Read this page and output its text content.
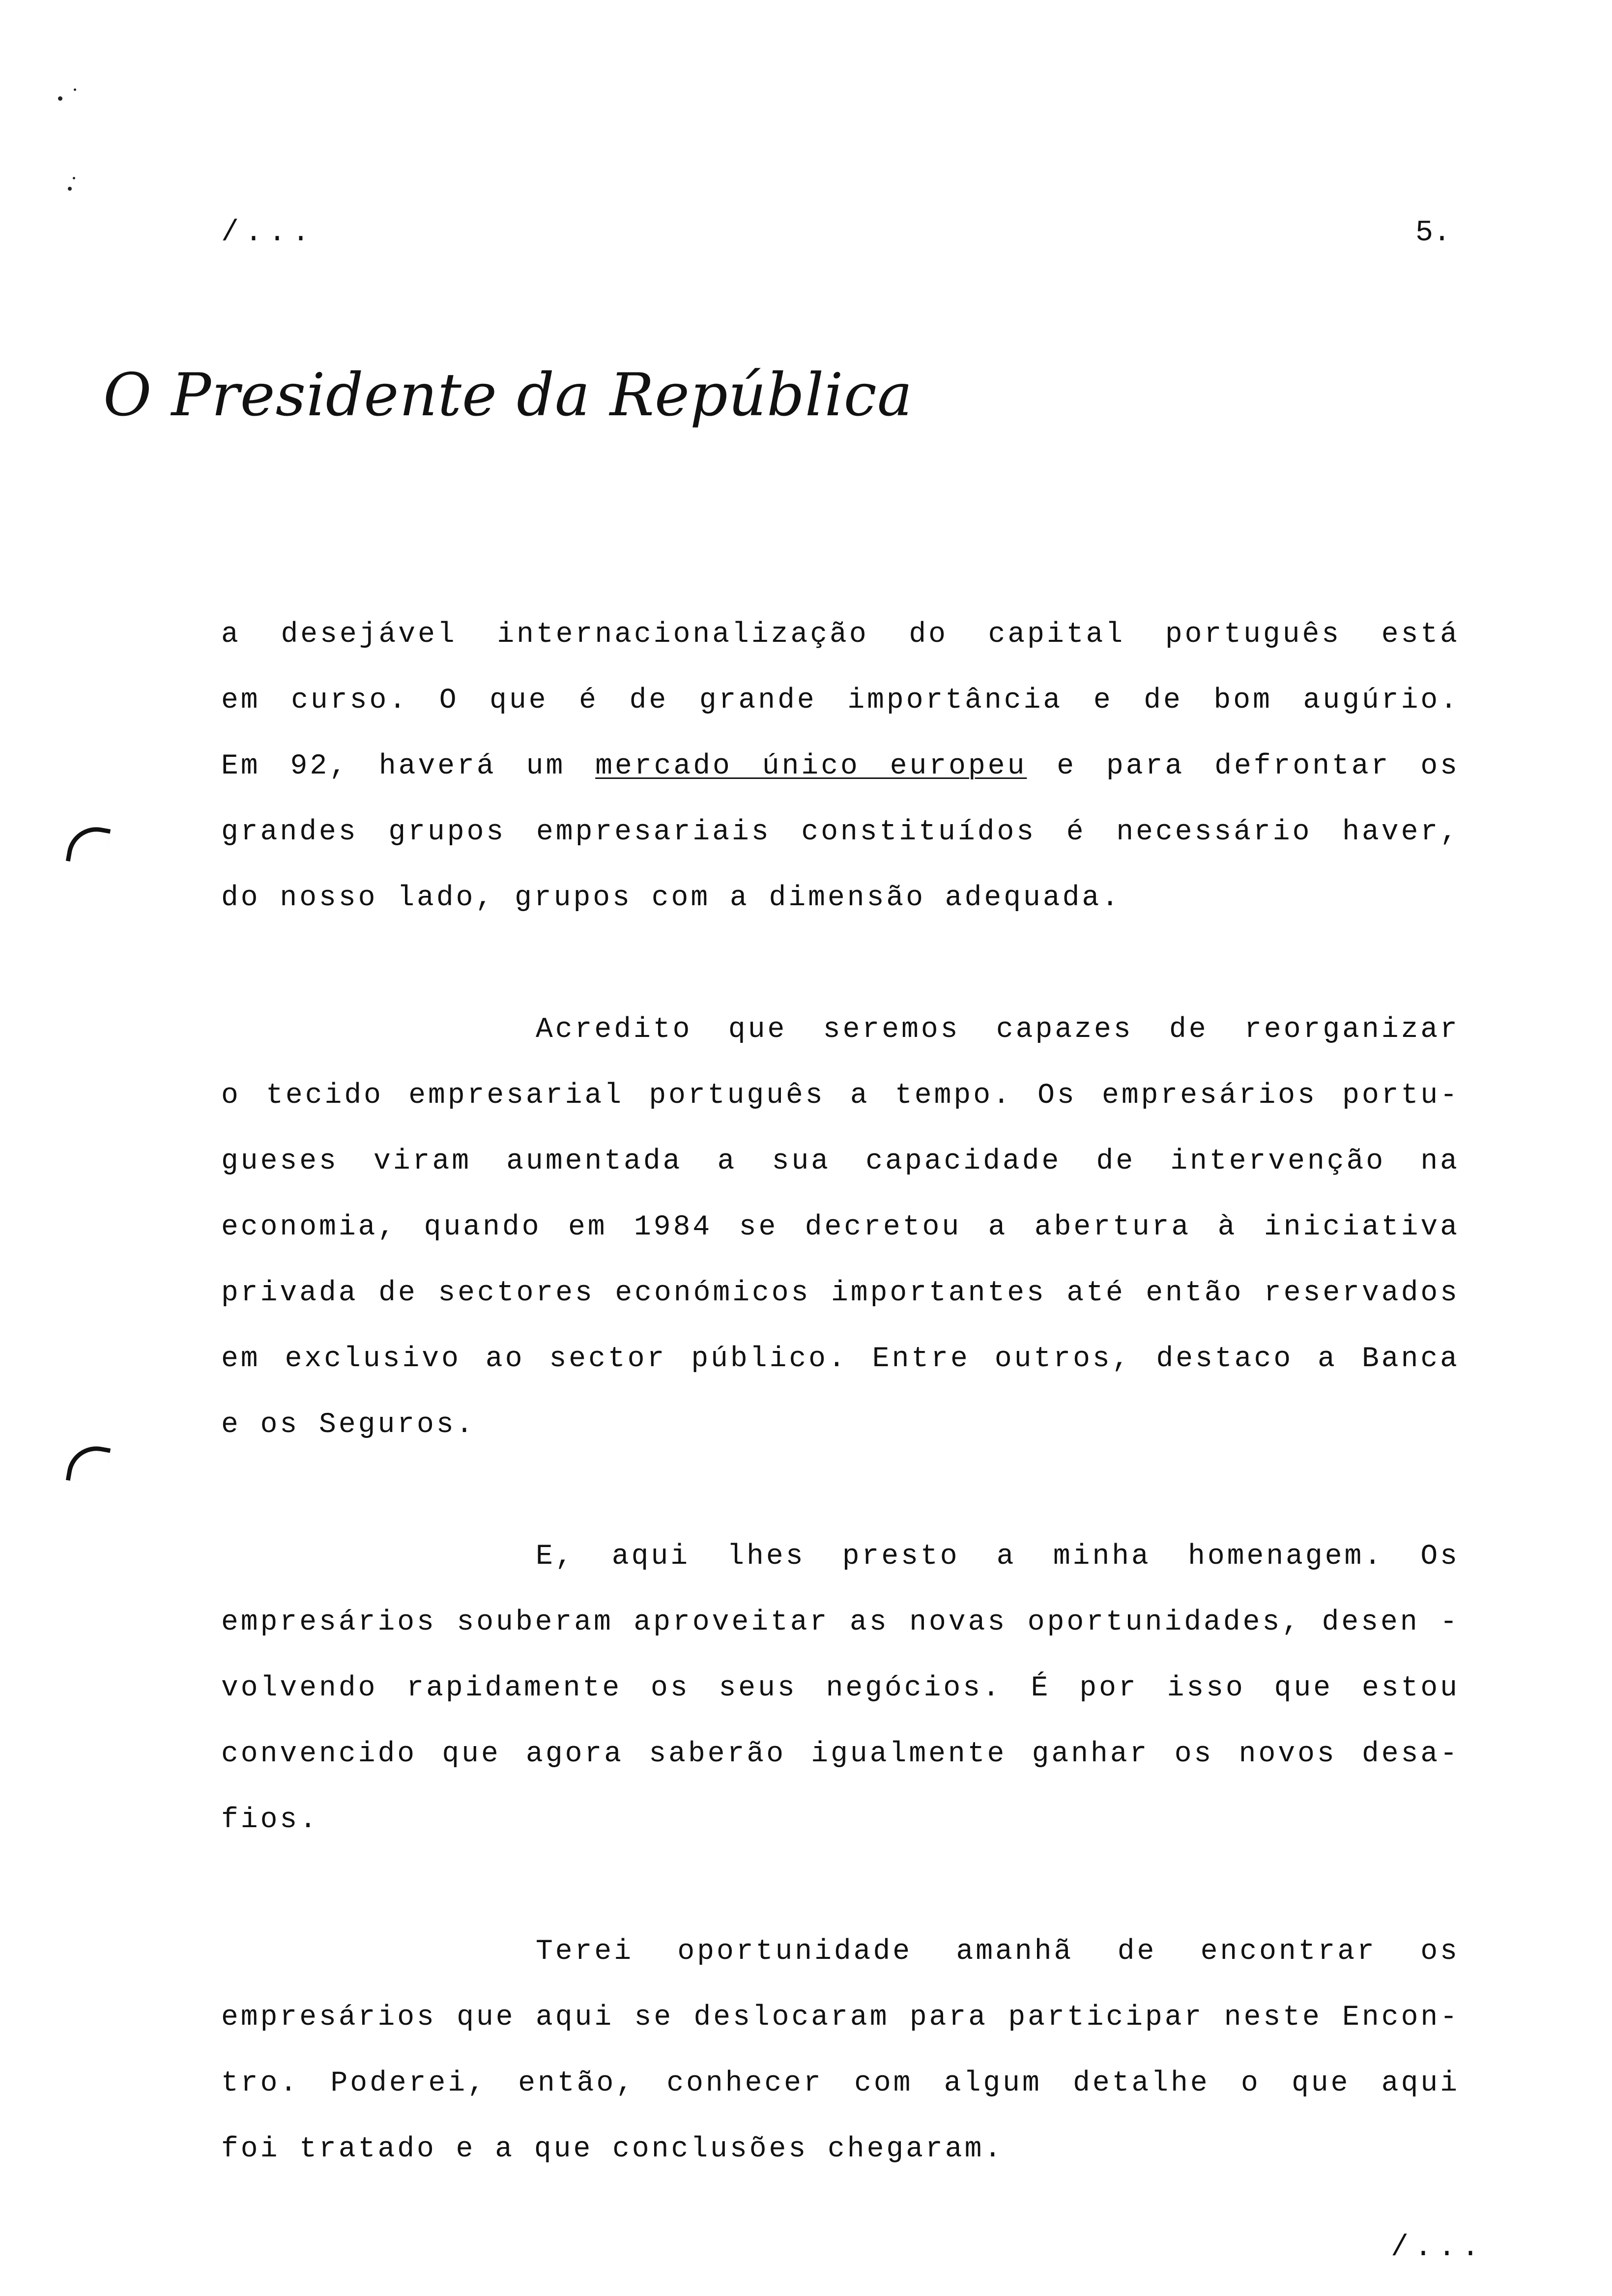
/...	5.
O Presidente da República

a desejável internacionalização do capital português está

em curso. O que é de grande importância e de bom augúrio.

Em 92, haverá um mercado único europeu e para defrontar os

grandes grupos empresariais constituídos é necessário haver,

do nosso lado, grupos com a dimensão adequada.

Acredito que seremos capazes de reorganizar

o tecido empresarial português a tempo. Os empresários portu-

gueses viram aumentada a sua capacidade de intervenção na

economia, quando em 1984 se decretou a abertura à iniciativa

privada de sectores económicos importantes até então reservados

em exclusivo ao sector público. Entre outros, destaco a Banca

e os Seguros.

E, aqui lhes presto a minha homenagem. Os

empresários souberam aproveitar as novas oportunidades, desen -

volvendo rapidamente os seus negócios. É por isso que estou

convencido que agora saberão igualmente ganhar os novos desa-

fios.

Terei oportunidade amanhã de encontrar os

empresários que aqui se deslocaram para participar neste Encon-

tro. Poderei, então, conhecer com algum detalhe o que aqui

foi tratado e a que conclusões chegaram.

/...
